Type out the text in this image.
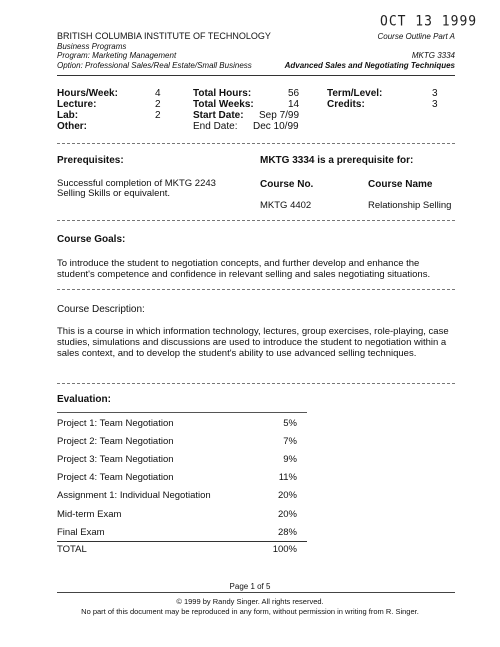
OCT 13 1999
BRITISH COLUMBIA INSTITUTE OF TECHNOLOGY
Business Programs
Program: Marketing Management
Option: Professional Sales/Real Estate/Small Business
Course Outline Part A
MKTG 3334
Advanced Sales and Negotiating Techniques
Hours/Week:	4
Lecture:	2
Lab:	2
Other:
Total Hours:	56
Total Weeks:	14
Start Date: Sep 7/99
End Date: Dec 10/99
Term/Level:	3
Credits:	3
Prerequisites:
Successful completion of MKTG 2243 Selling Skills or equivalent.
MKTG 3334 is a prerequisite for:
Course No.	Course Name
MKTG 4402	Relationship Selling
Course Goals:
To introduce the student to negotiation concepts, and further develop and enhance the student's competence and confidence in relevant selling and sales negotiating situations.
Course Description:
This is a course in which information technology, lectures, group exercises, role-playing, case studies, simulations and discussions are used to introduce the student to negotiation within a sales context, and to develop the student's ability to use advanced selling techniques.
Evaluation:
Project 1: Team Negotiation	5%
Project 2: Team Negotiation	7%
Project 3: Team Negotiation	9%
Project 4: Team Negotiation	11%
Assignment 1: Individual Negotiation	20%
Mid-term Exam	20%
Final Exam	28%
TOTAL	100%
Page 1 of 5
© 1999 by Randy Singer. All rights reserved.
No part of this document may be reproduced in any form, without permission in writing from R. Singer.
